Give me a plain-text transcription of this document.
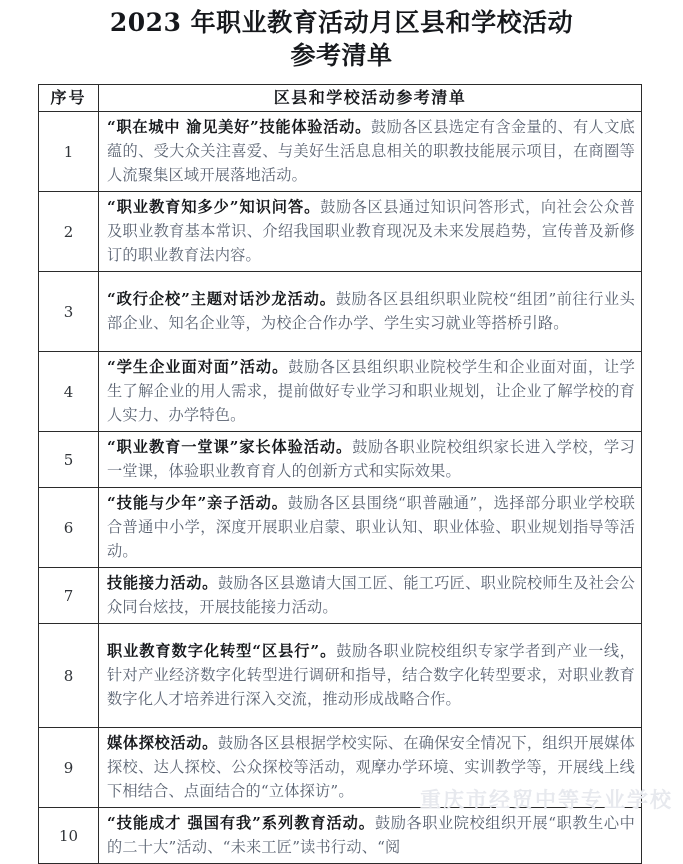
2023 年职业教育活动月区县和学校活动
参考清单
序号	区县和学校活动参考清单
1	“职在城中 渝见美好”技能体验活动。鼓励各区县选定有含金量的、有人文底蕴的、受大众关注喜爱、与美好生活息息相关的职教技能展示项目，在商圈等人流聚集区域开展落地活动。
2	“职业教育知多少”知识问答。鼓励各区县通过知识问答形式，向社会公众普及职业教育基本常识、介绍我国职业教育现况及未来发展趋势，宣传普及新修订的职业教育法内容。
3	“政行企校”主题对话沙龙活动。鼓励各区县组织职业院校“组团”前往行业头部企业、知名企业等，为校企合作办学、学生实习就业等搭桥引路。
4	“学生企业面对面”活动。鼓励各区县组织职业院校学生和企业面对面，让学生了解企业的用人需求，提前做好专业学习和职业规划，让企业了解学校的育人实力、办学特色。
5	“职业教育一堂课”家长体验活动。鼓励各职业院校组织家长进入学校，学习一堂课，体验职业教育育人的创新方式和实际效果。
6	“技能与少年”亲子活动。鼓励各区县围绕“职普融通”，选择部分职业学校联合普通中小学，深度开展职业启蒙、职业认知、职业体验、职业规划指导等活动。
7	技能接力活动。鼓励各区县邀请大国工匠、能工巧匠、职业院校师生及社会公众同台炫技，开展技能接力活动。
8	职业教育数字化转型“区县行”。鼓励各职业院校组织专家学者到产业一线，针对产业经济数字化转型进行调研和指导，结合数字化转型要求，对职业教育数字化人才培养进行深入交流，推动形成战略合作。
9	媒体探校活动。鼓励各区县根据学校实际、在确保安全情况下，组织开展媒体探校、达人探校、公众探校等活动，观摩办学环境、实训教学等，开展线上线下相结合、点面结合的“立体探访”。
10	“技能成才 强国有我”系列教育活动。鼓励各职业院校组织开展“职教生心中的二十大”活动、“未来工匠”读书行动、“阅
重庆市经贸中等专业学校
